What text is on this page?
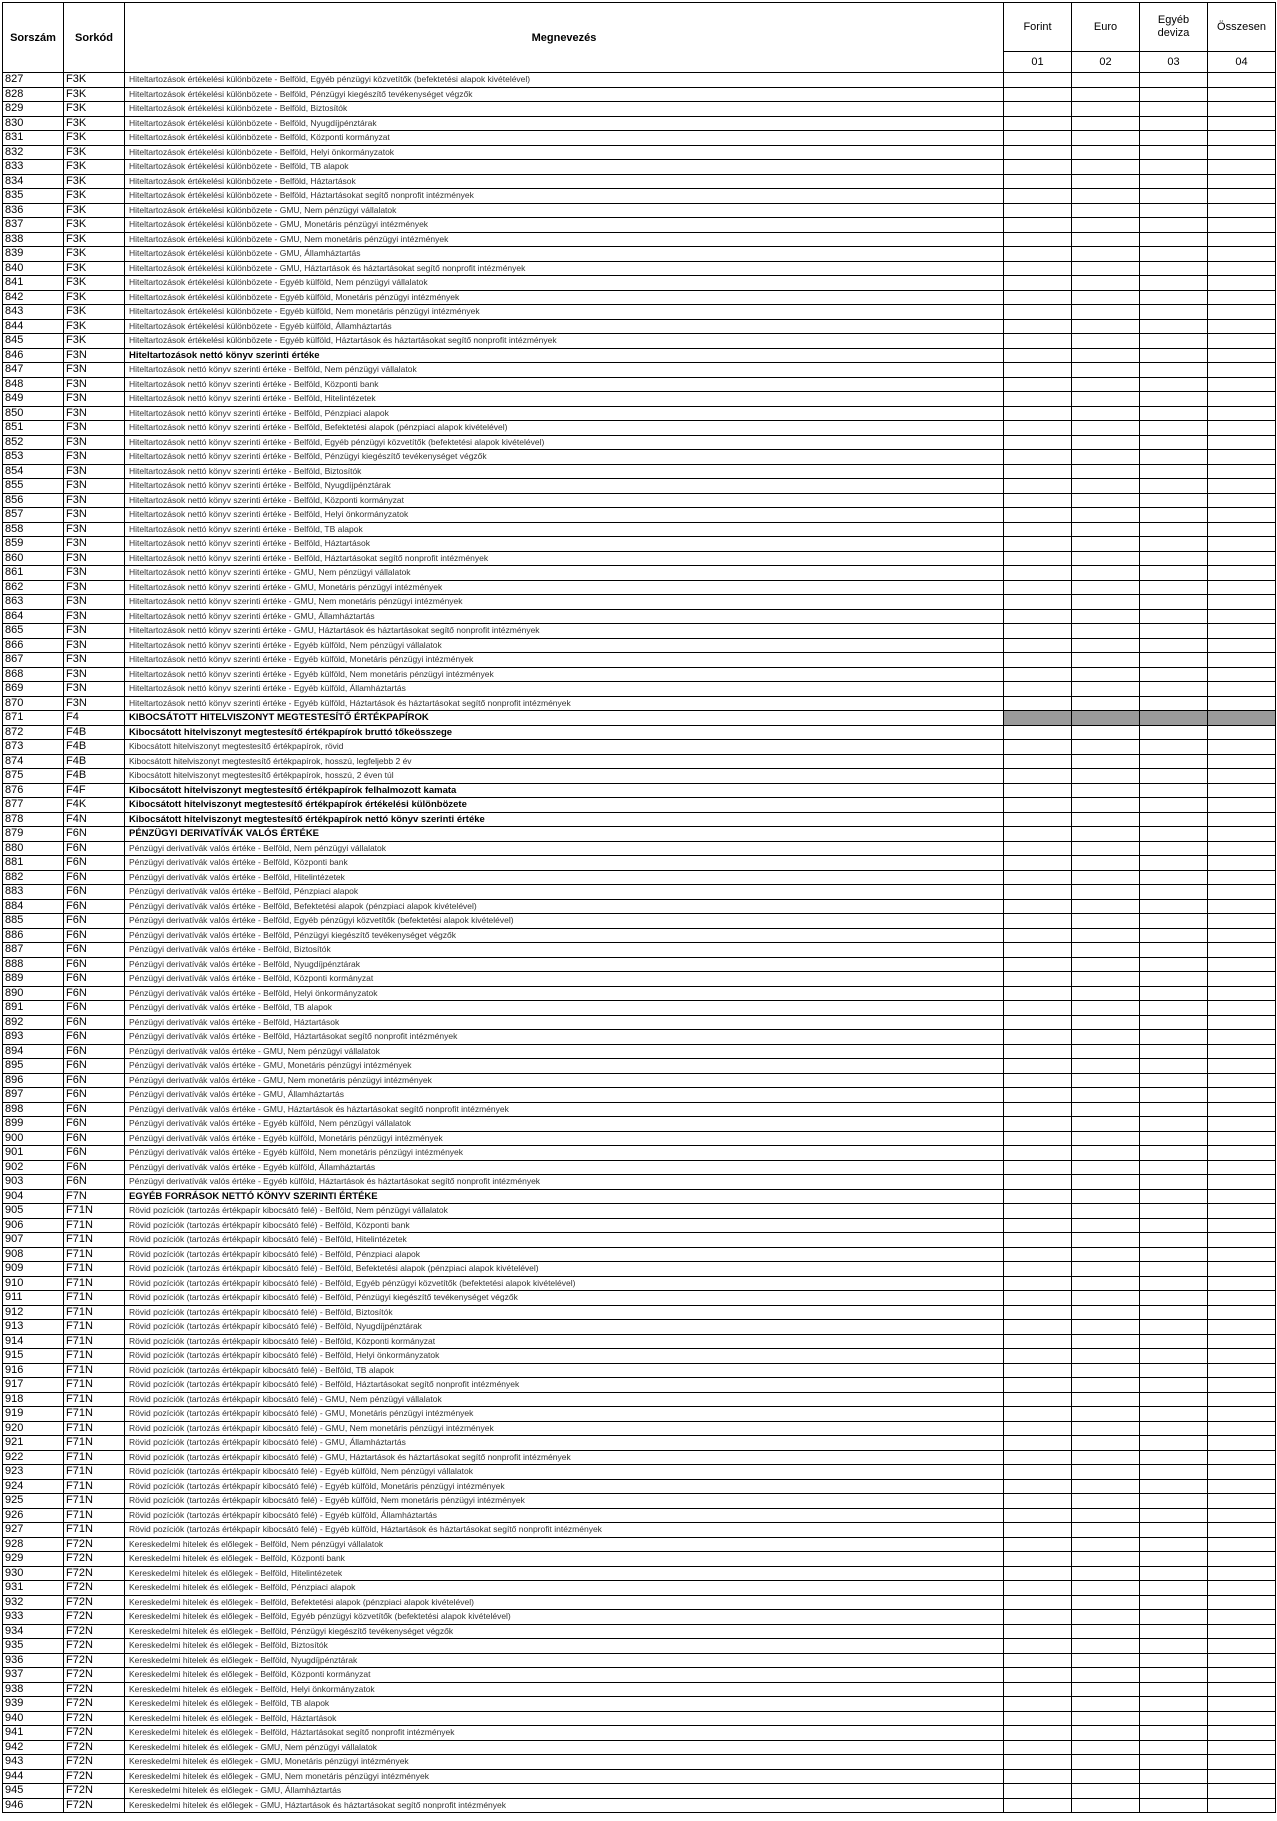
Sorszám	Sorkód	Megnevezés	Forint	Euro	Egyéb deviza	Összesen
			01	02	03	04
827	F3K	Hiteltartozások értékelési különbözete - Belföld, Egyéb pénzügyi közvetítők (befektetési alapok kivételével)				
828	F3K	Hiteltartozások értékelési különbözete - Belföld, Pénzügyi kiegészítő tevékenységet végzők				
829	F3K	Hiteltartozások értékelési különbözete - Belföld, Biztosítók				
830	F3K	Hiteltartozások értékelési különbözete - Belföld, Nyugdíjpénztárak				
831	F3K	Hiteltartozások értékelési különbözete - Belföld, Központi kormányzat				
832	F3K	Hiteltartozások értékelési különbözete - Belföld, Helyi önkormányzatok				
833	F3K	Hiteltartozások értékelési különbözete - Belföld, TB alapok				
834	F3K	Hiteltartozások értékelési különbözete - Belföld, Háztartások				
835	F3K	Hiteltartozások értékelési különbözete - Belföld, Háztartásokat segítő nonprofit intézmények				
836	F3K	Hiteltartozások értékelési különbözete - GMU, Nem pénzügyi vállalatok				
837	F3K	Hiteltartozások értékelési különbözete - GMU, Monetáris pénzügyi intézmények				
838	F3K	Hiteltartozások értékelési különbözete - GMU, Nem monetáris pénzügyi intézmények				
839	F3K	Hiteltartozások értékelési különbözete - GMU, Államháztartás				
840	F3K	Hiteltartozások értékelési különbözete - GMU, Háztartások és háztartásokat segítő nonprofit intézmények				
841	F3K	Hiteltartozások értékelési különbözete - Egyéb külföld, Nem pénzügyi vállalatok				
842	F3K	Hiteltartozások értékelési különbözete - Egyéb külföld, Monetáris pénzügyi intézmények				
843	F3K	Hiteltartozások értékelési különbözete - Egyéb külföld, Nem monetáris pénzügyi intézmények				
844	F3K	Hiteltartozások értékelési különbözete - Egyéb külföld, Államháztartás				
845	F3K	Hiteltartozások értékelési különbözete - Egyéb külföld, Háztartások és háztartásokat segítő nonprofit intézmények				
846	F3N	Hiteltartozások nettó könyv szerinti értéke				
847	F3N	Hiteltartozások nettó könyv szerinti értéke - Belföld, Nem pénzügyi vállalatok				
848	F3N	Hiteltartozások nettó könyv szerinti értéke - Belföld, Központi bank				
849	F3N	Hiteltartozások nettó könyv szerinti értéke - Belföld, Hitelintézetek				
850	F3N	Hiteltartozások nettó könyv szerinti értéke - Belföld, Pénzpiaci alapok				
851	F3N	Hiteltartozások nettó könyv szerinti értéke - Belföld, Befektetési alapok (pénzpiaci alapok kivételével)				
852	F3N	Hiteltartozások nettó könyv szerinti értéke - Belföld, Egyéb pénzügyi közvetítők (befektetési alapok kivételével)				
853	F3N	Hiteltartozások nettó könyv szerinti értéke - Belföld, Pénzügyi kiegészítő tevékenységet végzők				
854	F3N	Hiteltartozások nettó könyv szerinti értéke - Belföld, Biztosítók				
855	F3N	Hiteltartozások nettó könyv szerinti értéke - Belföld, Nyugdíjpénztárak				
856	F3N	Hiteltartozások nettó könyv szerinti értéke - Belföld, Központi kormányzat				
857	F3N	Hiteltartozások nettó könyv szerinti értéke - Belföld, Helyi önkormányzatok				
858	F3N	Hiteltartozások nettó könyv szerinti értéke - Belföld, TB alapok				
859	F3N	Hiteltartozások nettó könyv szerinti értéke - Belföld, Háztartások				
860	F3N	Hiteltartozások nettó könyv szerinti értéke - Belföld, Háztartásokat segítő nonprofit intézmények				
861	F3N	Hiteltartozások nettó könyv szerinti értéke - GMU, Nem pénzügyi vállalatok				
862	F3N	Hiteltartozások nettó könyv szerinti értéke - GMU, Monetáris pénzügyi intézmények				
863	F3N	Hiteltartozások nettó könyv szerinti értéke - GMU, Nem monetáris pénzügyi intézmények				
864	F3N	Hiteltartozások nettó könyv szerinti értéke - GMU, Államháztartás				
865	F3N	Hiteltartozások nettó könyv szerinti értéke - GMU, Háztartások és háztartásokat segítő nonprofit intézmények				
866	F3N	Hiteltartozások nettó könyv szerinti értéke - Egyéb külföld, Nem pénzügyi vállalatok				
867	F3N	Hiteltartozások nettó könyv szerinti értéke - Egyéb külföld, Monetáris pénzügyi intézmények				
868	F3N	Hiteltartozások nettó könyv szerinti értéke - Egyéb külföld, Nem monetáris pénzügyi intézmények				
869	F3N	Hiteltartozások nettó könyv szerinti értéke - Egyéb külföld, Államháztartás				
870	F3N	Hiteltartozások nettó könyv szerinti értéke - Egyéb külföld, Háztartások és háztartásokat segítő nonprofit intézmények				
871	F4	KIBOCSÁTOTT HITELVISZONYT MEGTESTESÍTŐ ÉRTÉKPAPÍROK				
872	F4B	Kibocsátott hitelviszonyt megtestesítő értékpapírok bruttó tőkeösszege				
873	F4B	Kibocsátott hitelviszonyt megtestesítő értékpapírok, rövid				
874	F4B	Kibocsátott hitelviszonyt megtestesítő értékpapírok, hosszú, legfeljebb 2 év				
875	F4B	Kibocsátott hitelviszonyt megtestesítő értékpapírok, hosszú, 2 éven túl				
876	F4F	Kibocsátott hitelviszonyt megtestesítő értékpapírok felhalmozott kamata				
877	F4K	Kibocsátott hitelviszonyt megtestesítő értékpapírok értékelési különbözete				
878	F4N	Kibocsátott hitelviszonyt megtestesítő értékpapírok nettó könyv szerinti értéke				
879	F6N	PÉNZÜGYI DERIVATÍVÁK VALÓS ÉRTÉKE				
880	F6N	Pénzügyi derivatívák valós értéke - Belföld, Nem pénzügyi vállalatok				
881	F6N	Pénzügyi derivatívák valós értéke - Belföld, Központi bank				
882	F6N	Pénzügyi derivatívák valós értéke - Belföld, Hitelintézetek				
883	F6N	Pénzügyi derivatívák valós értéke - Belföld, Pénzpiaci alapok				
884	F6N	Pénzügyi derivatívák valós értéke - Belföld, Befektetési alapok (pénzpiaci alapok kivételével)				
885	F6N	Pénzügyi derivatívák valós értéke - Belföld, Egyéb pénzügyi közvetítők (befektetési alapok kivételével)				
886	F6N	Pénzügyi derivatívák valós értéke - Belföld, Pénzügyi kiegészítő tevékenységet végzők				
887	F6N	Pénzügyi derivatívák valós értéke - Belföld, Biztosítók				
888	F6N	Pénzügyi derivatívák valós értéke - Belföld, Nyugdíjpénztárak				
889	F6N	Pénzügyi derivatívák valós értéke - Belföld, Központi kormányzat				
890	F6N	Pénzügyi derivatívák valós értéke - Belföld, Helyi önkormányzatok				
891	F6N	Pénzügyi derivatívák valós értéke - Belföld, TB alapok				
892	F6N	Pénzügyi derivatívák valós értéke - Belföld, Háztartások				
893	F6N	Pénzügyi derivatívák valós értéke - Belföld, Háztartásokat segítő nonprofit intézmények				
894	F6N	Pénzügyi derivatívák valós értéke - GMU, Nem pénzügyi vállalatok				
895	F6N	Pénzügyi derivatívák valós értéke - GMU, Monetáris pénzügyi intézmények				
896	F6N	Pénzügyi derivatívák valós értéke - GMU, Nem monetáris pénzügyi intézmények				
897	F6N	Pénzügyi derivatívák valós értéke - GMU, Államháztartás				
898	F6N	Pénzügyi derivatívák valós értéke - GMU, Háztartások és háztartásokat segítő nonprofit intézmények				
899	F6N	Pénzügyi derivatívák valós értéke - Egyéb külföld, Nem pénzügyi vállalatok				
900	F6N	Pénzügyi derivatívák valós értéke - Egyéb külföld, Monetáris pénzügyi intézmények				
901	F6N	Pénzügyi derivatívák valós értéke - Egyéb külföld, Nem monetáris pénzügyi intézmények				
902	F6N	Pénzügyi derivatívák valós értéke - Egyéb külföld, Államháztartás				
903	F6N	Pénzügyi derivatívák valós értéke - Egyéb külföld, Háztartások és háztartásokat segítő nonprofit intézmények				
904	F7N	EGYÉB FORRÁSOK NETTÓ KÖNYV SZERINTI ÉRTÉKE				
905	F71N	Rövid pozíciók (tartozás értékpapír kibocsátó felé) - Belföld, Nem pénzügyi vállalatok				
906	F71N	Rövid pozíciók (tartozás értékpapír kibocsátó felé) - Belföld, Központi bank				
907	F71N	Rövid pozíciók (tartozás értékpapír kibocsátó felé) - Belföld, Hitelintézetek				
908	F71N	Rövid pozíciók (tartozás értékpapír kibocsátó felé) - Belföld, Pénzpiaci alapok				
909	F71N	Rövid pozíciók (tartozás értékpapír kibocsátó felé) - Belföld, Befektetési alapok (pénzpiaci alapok kivételével)				
910	F71N	Rövid pozíciók (tartozás értékpapír kibocsátó felé) - Belföld, Egyéb pénzügyi közvetítők (befektetési alapok kivételével)				
911	F71N	Rövid pozíciók (tartozás értékpapír kibocsátó felé) - Belföld, Pénzügyi kiegészítő tevékenységet végzők				
912	F71N	Rövid pozíciók (tartozás értékpapír kibocsátó felé) - Belföld, Biztosítók				
913	F71N	Rövid pozíciók (tartozás értékpapír kibocsátó felé) - Belföld, Nyugdíjpénztárak				
914	F71N	Rövid pozíciók (tartozás értékpapír kibocsátó felé) - Belföld, Központi kormányzat				
915	F71N	Rövid pozíciók (tartozás értékpapír kibocsátó felé) - Belföld, Helyi önkormányzatok				
916	F71N	Rövid pozíciók (tartozás értékpapír kibocsátó felé) - Belföld, TB alapok				
917	F71N	Rövid pozíciók (tartozás értékpapír kibocsátó felé) - Belföld, Háztartásokat segítő nonprofit intézmények				
918	F71N	Rövid pozíciók (tartozás értékpapír kibocsátó felé) - GMU, Nem pénzügyi vállalatok				
919	F71N	Rövid pozíciók (tartozás értékpapír kibocsátó felé) - GMU, Monetáris pénzügyi intézmények				
920	F71N	Rövid pozíciók (tartozás értékpapír kibocsátó felé) - GMU, Nem monetáris pénzügyi intézmények				
921	F71N	Rövid pozíciók (tartozás értékpapír kibocsátó felé) - GMU, Államháztartás				
922	F71N	Rövid pozíciók (tartozás értékpapír kibocsátó felé) - GMU, Háztartások és háztartásokat segítő nonprofit intézmények				
923	F71N	Rövid pozíciók (tartozás értékpapír kibocsátó felé) - Egyéb külföld, Nem pénzügyi vállalatok				
924	F71N	Rövid pozíciók (tartozás értékpapír kibocsátó felé) - Egyéb külföld, Monetáris pénzügyi intézmények				
925	F71N	Rövid pozíciók (tartozás értékpapír kibocsátó felé) - Egyéb külföld, Nem monetáris pénzügyi intézmények				
926	F71N	Rövid pozíciók (tartozás értékpapír kibocsátó felé) - Egyéb külföld, Államháztartás				
927	F71N	Rövid pozíciók (tartozás értékpapír kibocsátó felé) - Egyéb külföld, Háztartások és háztartásokat segítő nonprofit intézmények				
928	F72N	Kereskedelmi hitelek és előlegek - Belföld, Nem pénzügyi vállalatok				
929	F72N	Kereskedelmi hitelek és előlegek - Belföld, Központi bank				
930	F72N	Kereskedelmi hitelek és előlegek - Belföld, Hitelintézetek				
931	F72N	Kereskedelmi hitelek és előlegek - Belföld, Pénzpiaci alapok				
932	F72N	Kereskedelmi hitelek és előlegek - Belföld, Befektetési alapok (pénzpiaci alapok kivételével)				
933	F72N	Kereskedelmi hitelek és előlegek - Belföld, Egyéb pénzügyi közvetítők (befektetési alapok kivételével)				
934	F72N	Kereskedelmi hitelek és előlegek - Belföld, Pénzügyi kiegészítő tevékenységet végzők				
935	F72N	Kereskedelmi hitelek és előlegek - Belföld, Biztosítók				
936	F72N	Kereskedelmi hitelek és előlegek - Belföld, Nyugdíjpénztárak				
937	F72N	Kereskedelmi hitelek és előlegek - Belföld, Központi kormányzat				
938	F72N	Kereskedelmi hitelek és előlegek - Belföld, Helyi önkormányzatok				
939	F72N	Kereskedelmi hitelek és előlegek - Belföld, TB alapok				
940	F72N	Kereskedelmi hitelek és előlegek - Belföld, Háztartások				
941	F72N	Kereskedelmi hitelek és előlegek - Belföld, Háztartásokat segítő nonprofit intézmények				
942	F72N	Kereskedelmi hitelek és előlegek - GMU, Nem pénzügyi vállalatok				
943	F72N	Kereskedelmi hitelek és előlegek - GMU, Monetáris pénzügyi intézmények				
944	F72N	Kereskedelmi hitelek és előlegek - GMU, Nem monetáris pénzügyi intézmények				
945	F72N	Kereskedelmi hitelek és előlegek - GMU, Államháztartás				
946	F72N	Kereskedelmi hitelek és előlegek - GMU, Háztartások és háztartásokat segítő nonprofit intézmények				
